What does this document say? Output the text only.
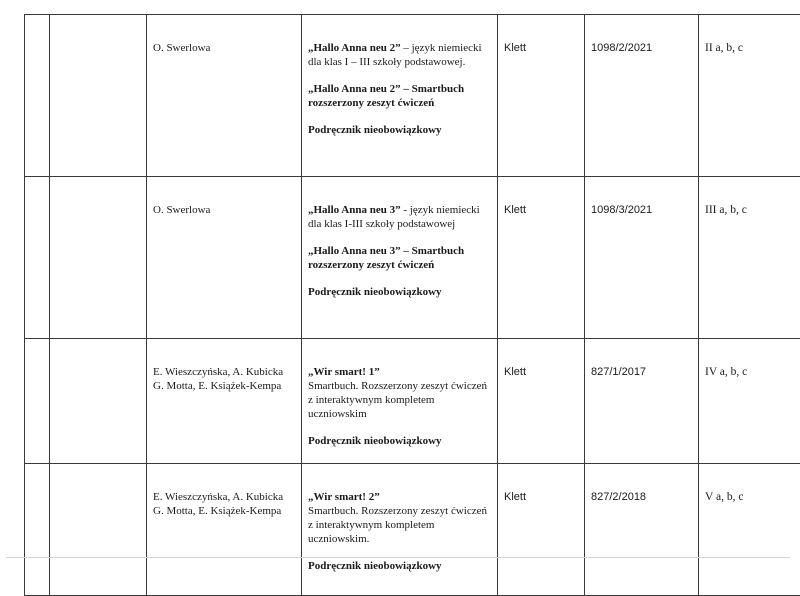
		O. Swerlowa	„Hallo Anna neu 2” – język niemiecki dla klas I – III szkoły podstawowej.

„Hallo Anna neu 2” – Smartbuch rozszerzony zeszyt ćwiczeń

Podręcznik nieobowiązkowy	Klett	1098/2/2021	II a, b, c
		O. Swerlowa	„Hallo Anna neu 3” - język niemiecki dla klas I-III szkoły podstawowej

„Hallo Anna neu 3” – Smartbuch rozszerzony zeszyt ćwiczeń

Podręcznik nieobowiązkowy	Klett	1098/3/2021	III a, b, c
		E. Wieszczyńska, A. Kubicka G. Motta, E. Książek-Kempa	„Wir smart! 1”

Smartbuch. Rozszerzony zeszyt ćwiczeń z interaktywnym kompletem uczniowskim

Podręcznik nieobowiązkowy	Klett	827/1/2017	IV a, b, c
		E. Wieszczyńska, A. Kubicka G. Motta, E. Książek-Kempa	„Wir smart! 2”

Smartbuch. Rozszerzony zeszyt ćwiczeń z interaktywnym kompletem uczniowskim.

Podręcznik nieobowiązkowy	Klett	827/2/2018	V a, b, c
